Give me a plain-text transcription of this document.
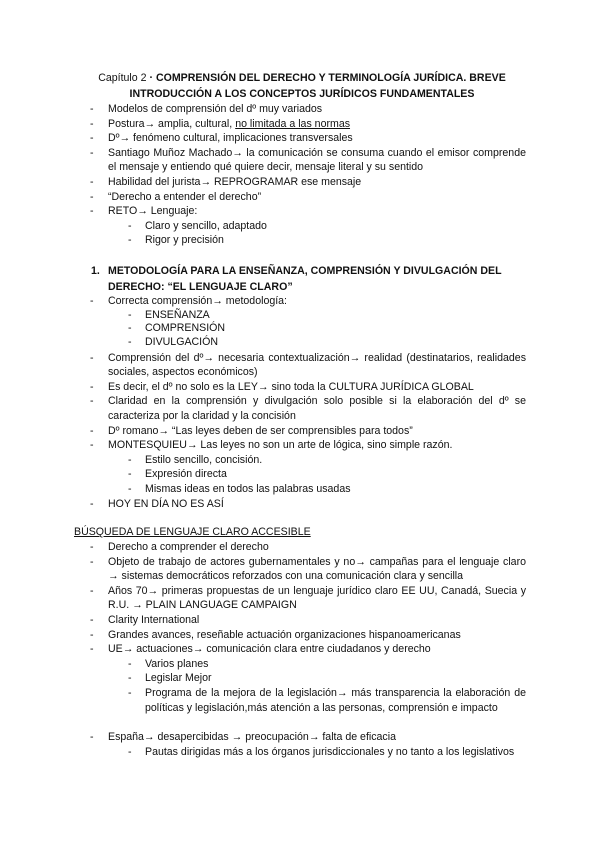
Capítulo 2 · COMPRENSIÓN DEL DERECHO Y TERMINOLOGÍA JURÍDICA. BREVE INTRODUCCIÓN A LOS CONCEPTOS JURÍDICOS FUNDAMENTALES
- Modelos de comprensión del dº muy variados
- Postura→ amplia, cultural, no limitada a las normas
- Dº→ fenómeno cultural, implicaciones transversales
- Santiago Muñoz Machado→ la comunicación se consuma cuando el emisor comprende el mensaje y entiendo qué quiere decir, mensaje literal y su sentido
- Habilidad del jurista→ REPROGRAMAR ese mensaje
- “Derecho a entender el derecho”
- RETO→ Lenguaje:
- Claro y sencillo, adaptado
- Rigor y precisión
1. METODOLOGÍA PARA LA ENSEÑANZA, COMPRENSIÓN Y DIVULGACIÓN DEL DERECHO: “EL LENGUAJE CLARO”
- Correcta comprensión→ metodología:
- ENSEÑANZA
- COMPRENSIÓN
- DIVULGACIÓN
- Comprensión del dº→ necesaria contextualización→ realidad (destinatarios, realidades sociales, aspectos económicos)
- Es decir, el dº no solo es la LEY→ sino toda la CULTURA JURÍDICA GLOBAL
- Claridad en la comprensión y divulgación solo posible si la elaboración del dº se caracteriza por la claridad y la concisión
- Dº romano→ “Las leyes deben de ser comprensibles para todos”
- MONTESQUIEU→ Las leyes no son un arte de lógica, sino simple razón.
- Estilo sencillo, concisión.
- Expresión directa
- Mismas ideas en todos las palabras usadas
- HOY EN DÍA NO ES ASÍ
BÚSQUEDA DE LENGUAJE CLARO ACCESIBLE
- Derecho a comprender el derecho
- Objeto de trabajo de actores gubernamentales y no→ campañas para el lenguaje claro → sistemas democráticos reforzados con una comunicación clara y sencilla
- Años 70→ primeras propuestas de un lenguaje jurídico claro EE UU, Canadá, Suecia y R.U. → PLAIN LANGUAGE CAMPAIGN
- Clarity International
- Grandes avances, reseñable actuación organizaciones hispanoamericanas
- UE→ actuaciones→ comunicación clara entre ciudadanos y derecho
- Varios planes
- Legislar Mejor
- Programa de la mejora de la legislación→ más transparencia la elaboración de políticas y legislación,más atención a las personas, comprensión e impacto
- España→ desapercibidas → preocupación→ falta de eficacia
- Pautas dirigidas más a los órganos jurisdiccionales y no tanto a los legislativos
